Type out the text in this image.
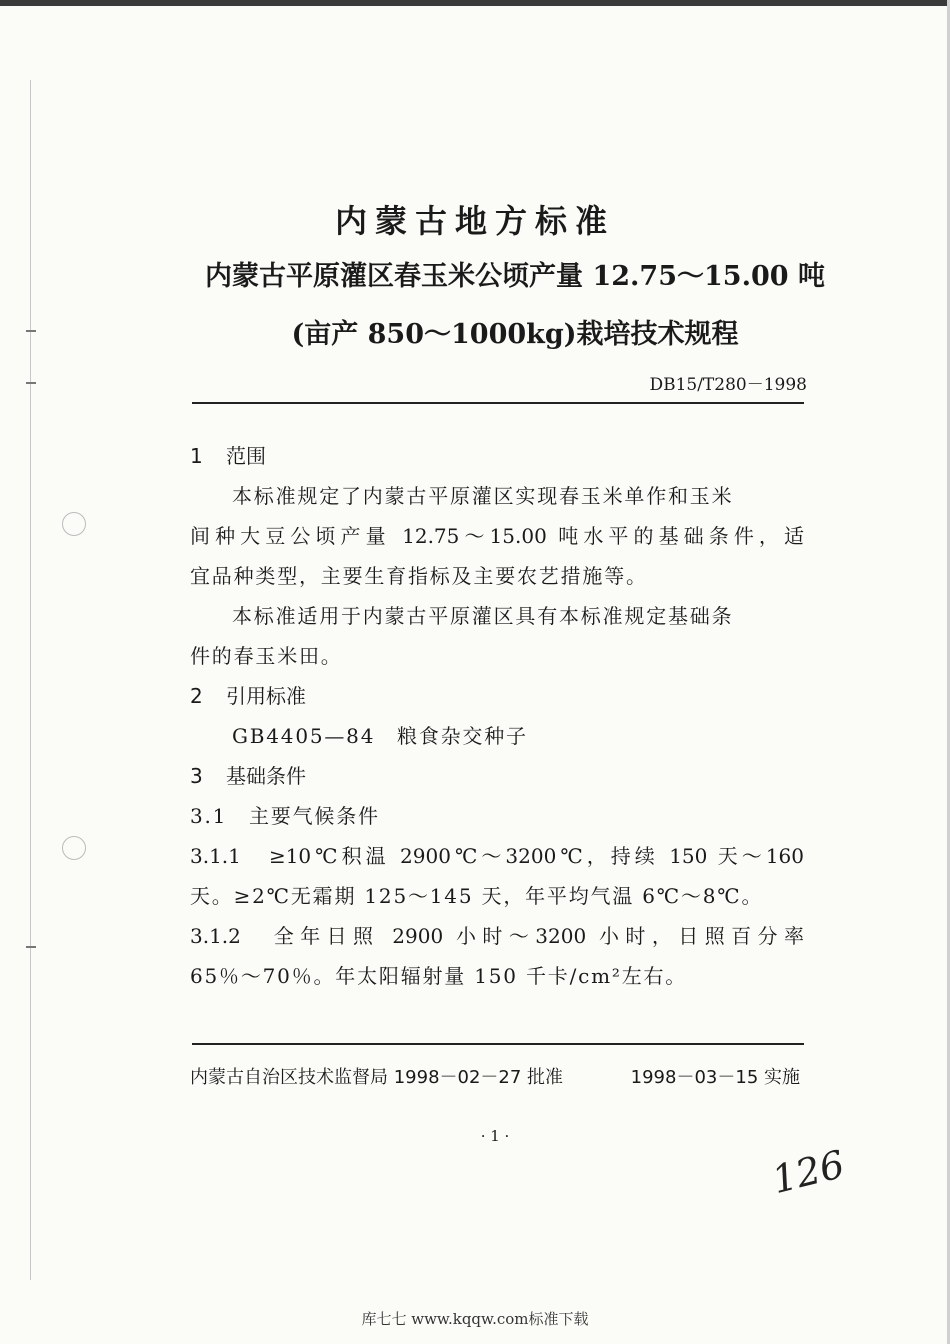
内蒙古地方标准
内蒙古平原灌区春玉米公顷产量 12.75～15.00 吨
(亩产 850～1000kg)栽培技术规程
DB15/T280－1998
1 范围
本标准规定了内蒙古平原灌区实现春玉米单作和玉米
间种大豆公顷产量 12.75～15.00 吨水平的基础条件，适
宜品种类型，主要生育指标及主要农艺措施等。
本标准适用于内蒙古平原灌区具有本标准规定基础条
件的春玉米田。
2 引用标准
GB4405—84　粮食杂交种子
3 基础条件
3.1　主要气候条件
3.1.1　≥10℃积温 2900℃～3200℃，持续 150 天～160
天。≥2℃无霜期 125～145 天，年平均气温 6℃～8℃。
3.1.2　全年日照 2900 小时～3200 小时，日照百分率
65％～70％。年太阳辐射量 150 千卡/cm²左右。
内蒙古自治区技术监督局 1998－02－27 批准	1998－03－15 实施
· 1 ·
126
库七七 www.kqqw.com标准下载
